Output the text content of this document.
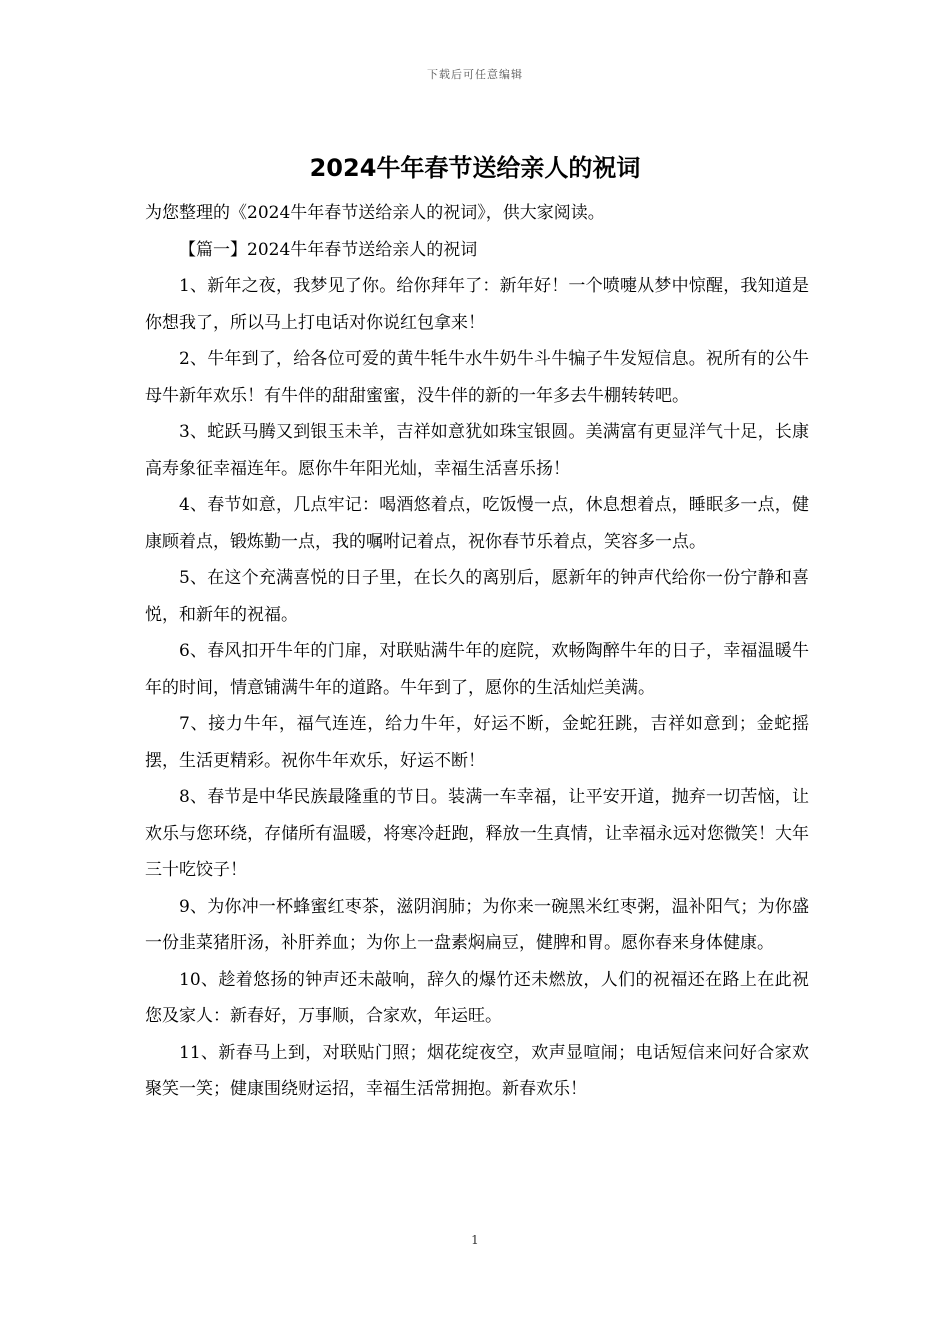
下载后可任意编辑
2024牛年春节送给亲人的祝词

为您整理的《2024牛年春节送给亲人的祝词》，供大家阅读。

【篇一】2024牛年春节送给亲人的祝词

1、新年之夜，我梦见了你。给你拜年了：新年好！一个喷嚏从梦中惊醒，我知道是你想我了，所以马上打电话对你说红包拿来！

2、牛年到了，给各位可爱的黄牛牦牛水牛奶牛斗牛犏子牛发短信息。祝所有的公牛母牛新年欢乐！有牛伴的甜甜蜜蜜，没牛伴的新的一年多去牛棚转转吧。

3、蛇跃马腾又到银玉未羊，吉祥如意犹如珠宝银圆。美满富有更显洋气十足，长康高寿象征幸福连年。愿你牛年阳光灿，幸福生活喜乐扬！

4、春节如意，几点牢记：喝酒悠着点，吃饭慢一点，休息想着点，睡眠多一点，健康顾着点，锻炼勤一点，我的嘱咐记着点，祝你春节乐着点，笑容多一点。

5、在这个充满喜悦的日子里，在长久的离别后，愿新年的钟声代给你一份宁静和喜悦，和新年的祝福。

6、春风扣开牛年的门扉，对联贴满牛年的庭院，欢畅陶醉牛年的日子，幸福温暖牛年的时间，情意铺满牛年的道路。牛年到了，愿你的生活灿烂美满。

7、接力牛年，福气连连，给力牛年，好运不断，金蛇狂跳，吉祥如意到；金蛇摇摆，生活更精彩。祝你牛年欢乐，好运不断！

8、春节是中华民族最隆重的节日。装满一车幸福，让平安开道，抛弃一切苦恼，让欢乐与您环绕，存储所有温暖，将寒冷赶跑，释放一生真情，让幸福永远对您微笑！大年三十吃饺子！

9、为你冲一杯蜂蜜红枣茶，滋阴润肺；为你来一碗黑米红枣粥，温补阳气；为你盛一份韭菜猪肝汤，补肝养血；为你上一盘素焖扁豆，健脾和胃。愿你春来身体健康。

10、趁着悠扬的钟声还未敲响，辞久的爆竹还未燃放，人们的祝福还在路上在此祝您及家人：新春好，万事顺，合家欢，年运旺。

11、新春马上到，对联贴门照；烟花绽夜空，欢声显喧闹；电话短信来问好合家欢聚笑一笑；健康围绕财运招，幸福生活常拥抱。新春欢乐！

1
